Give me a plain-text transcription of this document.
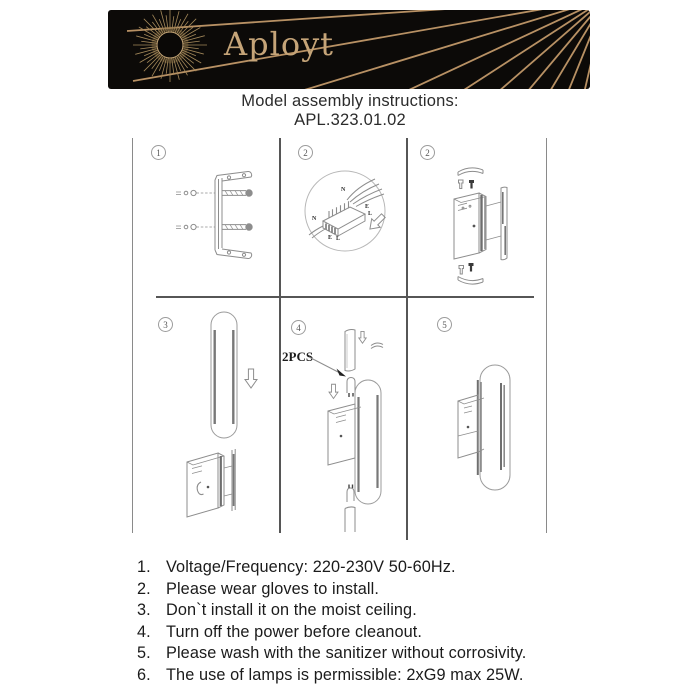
Aployt
Model assembly instructions:
APL.323.01.02
1	2	2
3	4	5
N
E
L
N
E L
2PCS
1. Voltage/Frequency: 220-230V 50-60Hz.
2. Please wear gloves to install.
3. Don`t install it on the moist ceiling.
4. Turn off the power before cleanout.
5. Please wash with the sanitizer without corrosivity.
6. The use of lamps is permissible: 2xG9 max 25W.
